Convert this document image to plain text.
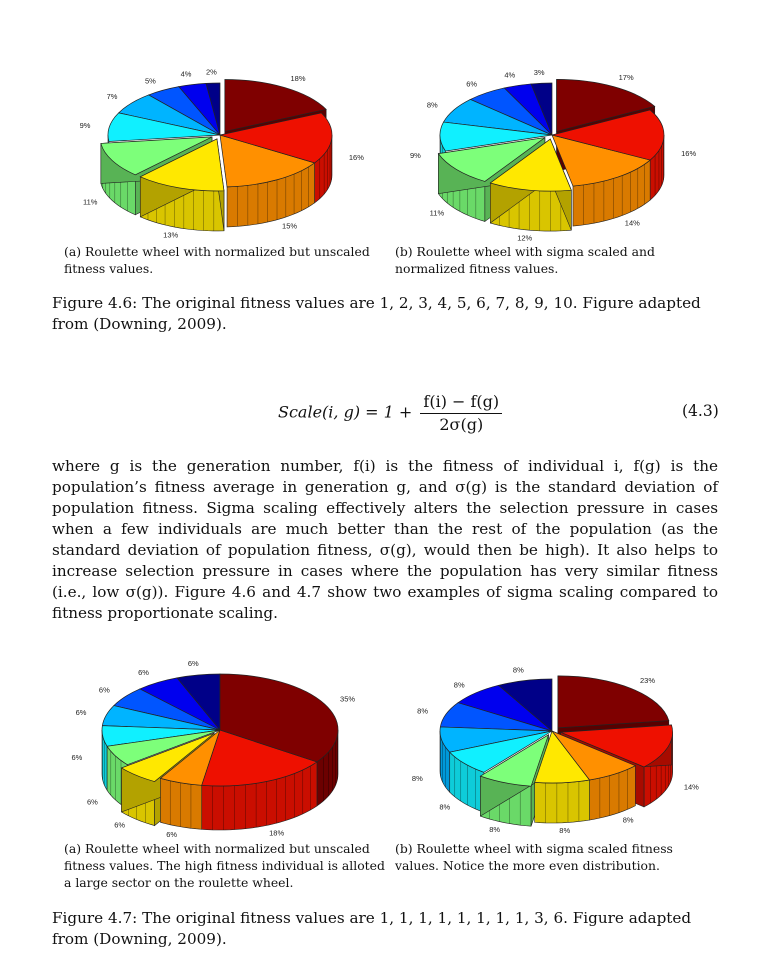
2%
4%
5%
7%
9%
11%
13%
15%
16%
18%
3%
4%
6%
8%
9%
11%
12%
14%
16%
17%
(a) Roulette wheel with normalized but unscaled fitness values.
(b) Roulette wheel with sigma scaled and normalized fitness values.
Figure 4.6: The original fitness values are 1, 2, 3, 4, 5, 6, 7, 8, 9, 10. Figure adapted from (Downing, 2009).
Scale(i, $g) = 1 + \frac{f(i) - f(g)}{2\sigma(g)}$	(4.3)
where g is the generation number, f(i) is the fitness of individual i, f(g) is the population’s fitness average in generation g, and σ(g) is the standard deviation of population fitness. Sigma scaling effectively alters the selection pressure in cases when a few individuals are much better than the rest of the population (as the standard deviation of population fitness, σ(g), would then be high). It also helps to increase selection pressure in cases where the population has very similar fitness (i.e., low σ(g)). Figure 4.6 and 4.7 show two examples of sigma scaling compared to fitness proportionate scaling.
6%
6%
6%
6%
6%
6%
6%
6%	18%
35%
8%
8%
8%
8%
8%
8%	8%
8%
14%
23%
(a) Roulette wheel with normalized but unscaled fitness values. The high fitness individual is alloted a large sector on the roulette wheel.
(b) Roulette wheel with sigma scaled fitness values. Notice the more even distribution.
Figure 4.7: The original fitness values are 1, 1, 1, 1, 1, 1, 1, 1, 3, 6. Figure adapted from (Downing, 2009).
